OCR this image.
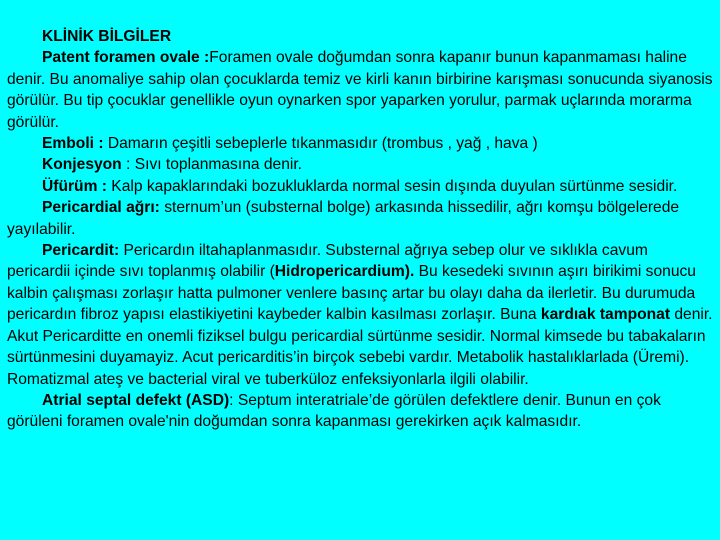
KLİNİK BİLGİLER

Patent foramen ovale :Foramen ovale doğumdan sonra kapanır bunun kapanmaması haline denir. Bu anomaliye sahip olan çocuklarda temiz ve kirli kanın birbirine karışması sonucunda siyanosis görülür. Bu tip çocuklar genellikle oyun oynarken spor yaparken yorulur, parmak uçlarında morarma görülür.

Emboli : Damarın çeşitli sebeplerle tıkanmasıdır (trombus , yağ , hava )

Konjesyon : Sıvı toplanmasına denir.

Üfürüm : Kalp kapaklarındaki bozukluklarda normal sesin dışında duyulan sürtünme sesidir.

Pericardial ağrı: sternum’un (substernal bolge) arkasında hissedilir, ağrı komşu bölgelerede yayılabilir.

Pericardit: Pericardın iltahaplanmasıdır. Substernal ağrıya sebep olur ve sıklıkla cavum pericardii içinde sıvı toplanmış olabilir (Hidropericardium). Bu kesedeki sıvının aşırı birikimi sonucu kalbin çalışması zorlaşır hatta pulmoner venlere basınç artar bu olayı daha da ilerletir. Bu durumuda pericardın fibroz yapısı elastikiyetini kaybeder kalbin kasılması zorlaşır. Buna kardıak tamponat denir. Akut Pericarditte en onemli fiziksel bulgu pericardial sürtünme sesidir. Normal kimsede bu tabakaların sürtünmesini duyamayiz. Acut pericarditis’in birçok sebebi vardır. Metabolik hastalıklarlada (Üremi). Romatizmal ateş ve bacterial viral ve tuberküloz enfeksiyonlarla ilgili olabilir.

Atrial septal defekt (ASD): Septum interatriale’de görülen defektlere denir. Bunun en çok görüleni foramen ovale'nin doğumdan sonra kapanması gerekirken açık kalmasıdır.
